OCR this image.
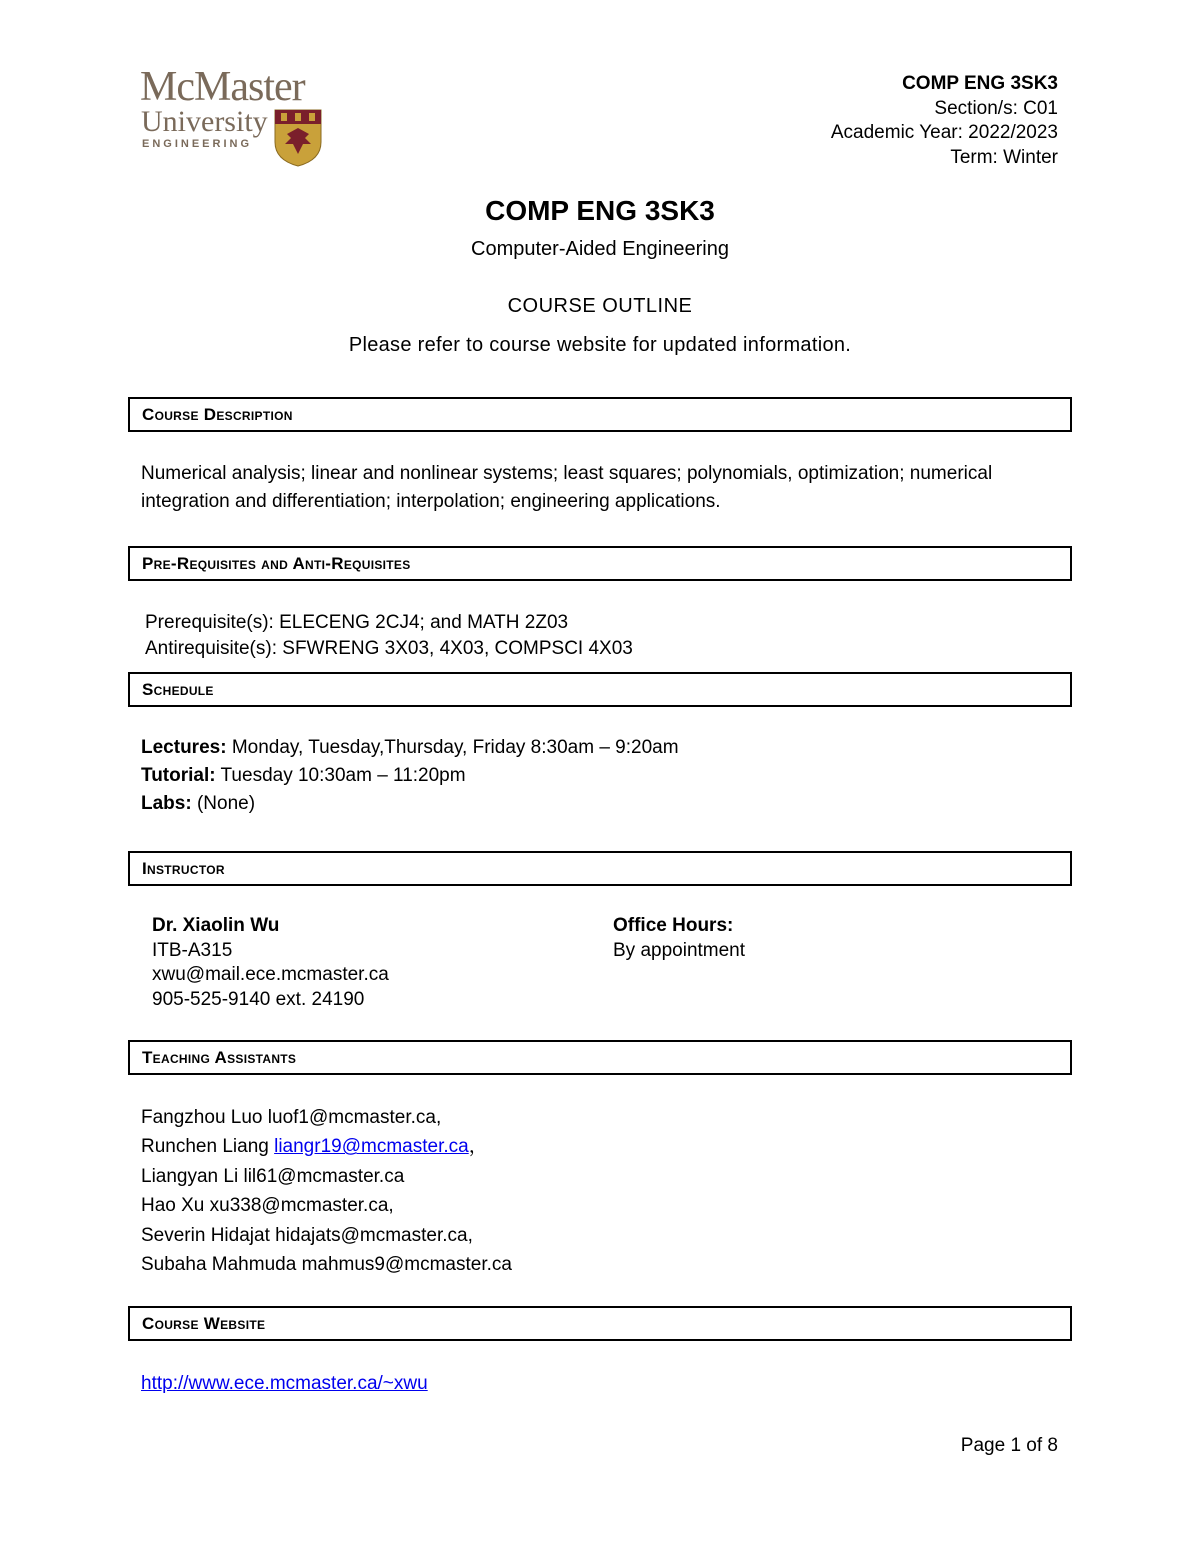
McMaster
University
ENGINEERING
COMP ENG 3SK3
Section/s: C01
Academic Year: 2022/2023
Term: Winter
COMP ENG 3SK3
Computer-Aided Engineering
COURSE OUTLINE
Please refer to course website for updated information.
Course Description
Numerical analysis; linear and nonlinear systems; least squares; polynomials, optimization; numerical integration and differentiation; interpolation; engineering applications.
Pre-Requisites and Anti-Requisites
Prerequisite(s): ELECENG 2CJ4; and MATH 2Z03
Antirequisite(s): SFWRENG 3X03, 4X03, COMPSCI 4X03
Schedule
Lectures: Monday, Tuesday,Thursday, Friday 8:30am – 9:20am
Tutorial: Tuesday 10:30am – 11:20pm
Labs: (None)
Instructor
Dr. Xiaolin Wu
ITB-A315
xwu@mail.ece.mcmaster.ca
905-525-9140 ext. 24190
Office Hours:
By appointment
Teaching Assistants
Fangzhou Luo luof1@mcmaster.ca,
Runchen Liang liangr19@mcmaster.ca，
Liangyan Li lil61@mcmaster.ca
Hao Xu xu338@mcmaster.ca,
Severin Hidajat hidajats@mcmaster.ca,
Subaha Mahmuda mahmus9@mcmaster.ca
Course Website
http://www.ece.mcmaster.ca/~xwu
Page 1 of 8
